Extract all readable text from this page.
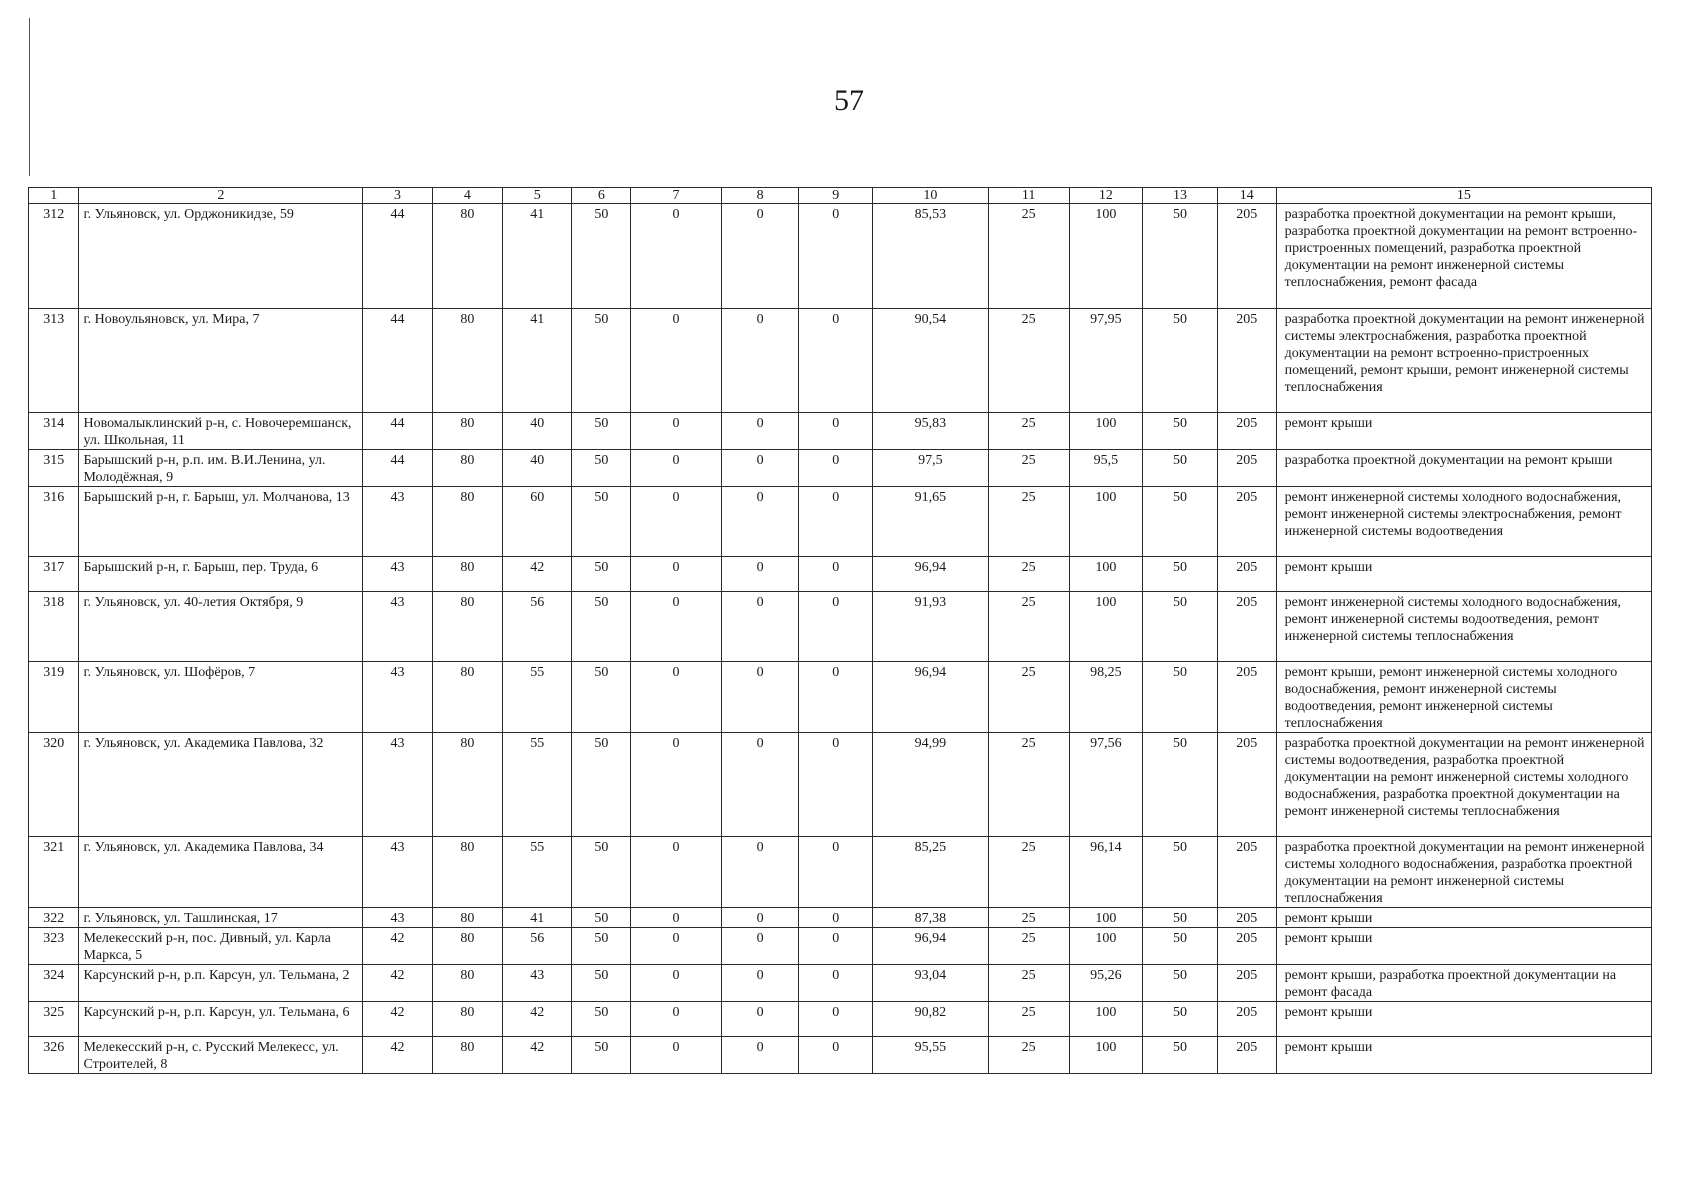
57
1	2	3	4	5	6	7	8	9	10	11	12	13	14	15
312	г. Ульяновск, ул. Орджоникидзе, 59	44	80	41	50	0	0	0	85,53	25	100	50	205	разработка проектной документации на ремонт крыши, разработка проектной документации на ремонт встроенно-пристроенных помещений, разработка проектной документации на ремонт инженерной системы теплоснабжения, ремонт фасада
313	г. Новоульяновск, ул. Мира, 7	44	80	41	50	0	0	0	90,54	25	97,95	50	205	разработка проектной документации на ремонт инженерной системы электроснабжения, разработка проектной документации на ремонт встроенно-пристроенных помещений, ремонт крыши, ремонт инженерной системы теплоснабжения
314	Новомалыклинский р-н, с. Новочеремшанск, ул. Школьная, 11	44	80	40	50	0	0	0	95,83	25	100	50	205	ремонт крыши
315	Барышский р-н, р.п. им. В.И.Ленина, ул. Молодёжная, 9	44	80	40	50	0	0	0	97,5	25	95,5	50	205	разработка проектной документации на ремонт крыши
316	Барышский р-н, г. Барыш, ул. Молчанова, 13	43	80	60	50	0	0	0	91,65	25	100	50	205	ремонт инженерной системы холодного водоснабжения, ремонт инженерной системы электроснабжения, ремонт инженерной системы водоотведения
317	Барышский р-н, г. Барыш, пер. Труда, 6	43	80	42	50	0	0	0	96,94	25	100	50	205	ремонт крыши
318	г. Ульяновск, ул. 40-летия Октября, 9	43	80	56	50	0	0	0	91,93	25	100	50	205	ремонт инженерной системы холодного водоснабжения, ремонт инженерной системы водоотведения, ремонт инженерной системы теплоснабжения
319	г. Ульяновск, ул. Шофёров, 7	43	80	55	50	0	0	0	96,94	25	98,25	50	205	ремонт крыши, ремонт инженерной системы холодного водоснабжения, ремонт инженерной системы водоотведения, ремонт инженерной системы теплоснабжения
320	г. Ульяновск, ул. Академика Павлова, 32	43	80	55	50	0	0	0	94,99	25	97,56	50	205	разработка проектной документации на ремонт инженерной системы водоотведения, разработка проектной документации на ремонт инженерной системы холодного водоснабжения, разработка проектной документации на ремонт инженерной системы теплоснабжения
321	г. Ульяновск, ул. Академика Павлова, 34	43	80	55	50	0	0	0	85,25	25	96,14	50	205	разработка проектной документации на ремонт инженерной системы холодного водоснабжения, разработка проектной документации на ремонт инженерной системы теплоснабжения
322	г. Ульяновск, ул. Ташлинская, 17	43	80	41	50	0	0	0	87,38	25	100	50	205	ремонт крыши
323	Мелекесский р-н, пос. Дивный, ул. Карла Маркса, 5	42	80	56	50	0	0	0	96,94	25	100	50	205	ремонт крыши
324	Карсунский р-н, р.п. Карсун, ул. Тельмана, 2	42	80	43	50	0	0	0	93,04	25	95,26	50	205	ремонт крыши, разработка проектной документации на ремонт фасада
325	Карсунский р-н, р.п. Карсун, ул. Тельмана, 6	42	80	42	50	0	0	0	90,82	25	100	50	205	ремонт крыши
326	Мелекесский р-н, с. Русский Мелекесс, ул. Строителей, 8	42	80	42	50	0	0	0	95,55	25	100	50	205	ремонт крыши
